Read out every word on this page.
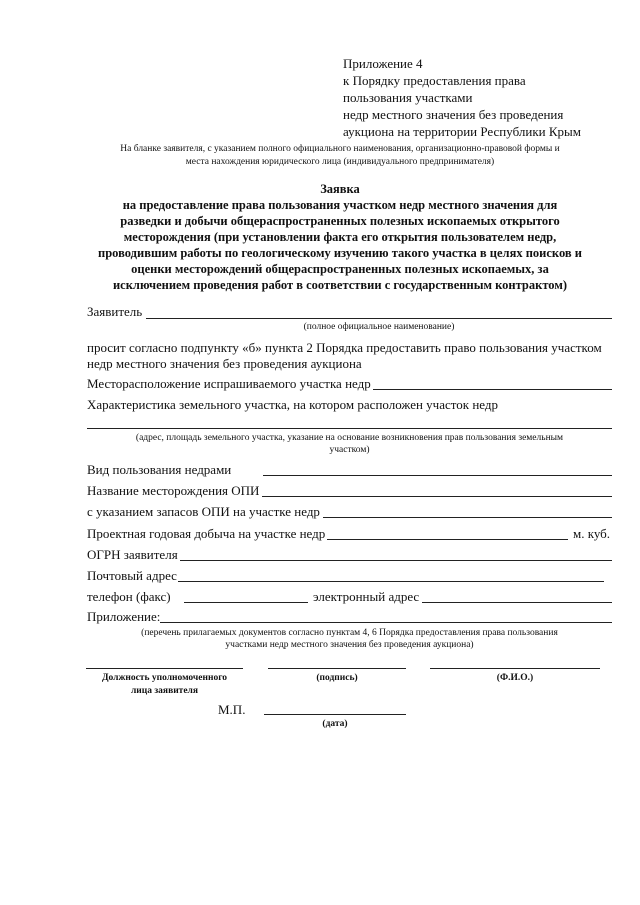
Приложение 4
к Порядку предоставления права
пользования участками
недр местного значения без проведения
аукциона на территории Республики Крым
На бланке заявителя, с указанием полного официального наименования, организационно-правовой формы и
места нахождения юридического лица (индивидуального предпринимателя)
Заявка
на предоставление права пользования участком недр местного значения для
разведки и добычи общераспространенных полезных ископаемых открытого
месторождения (при установлении факта его открытия пользователем недр,
проводившим работы по геологическому изучению такого участка в целях поисков и
оценки месторождений общераспространенных полезных ископаемых, за
исключением проведения работ в соответствии с государственным контрактом)
Заявитель
(полное официальное наименование)
просит согласно подпункту «б» пункта 2 Порядка предоставить право пользования участком
недр местного значения без проведения аукциона
Месторасположение испрашиваемого участка недр
Характеристика земельного участка, на котором расположен участок недр
(адрес, площадь земельного участка, указание на основание возникновения прав пользования земельным
участком)
Вид пользования недрами
Название месторождения ОПИ
с указанием запасов ОПИ на участке недр
Проектная годовая добыча на участке недр	м. куб.
ОГРН заявителя
Почтовый адрес
телефон (факс)	электронный адрес
Приложение:
(перечень прилагаемых документов согласно пунктам 4, 6 Порядка предоставления права пользования
участками недр местного значения без проведения аукциона)
Должность уполномоченного
лица заявителя
(подпись)	(Ф.И.О.)
М.П.
(дата)
